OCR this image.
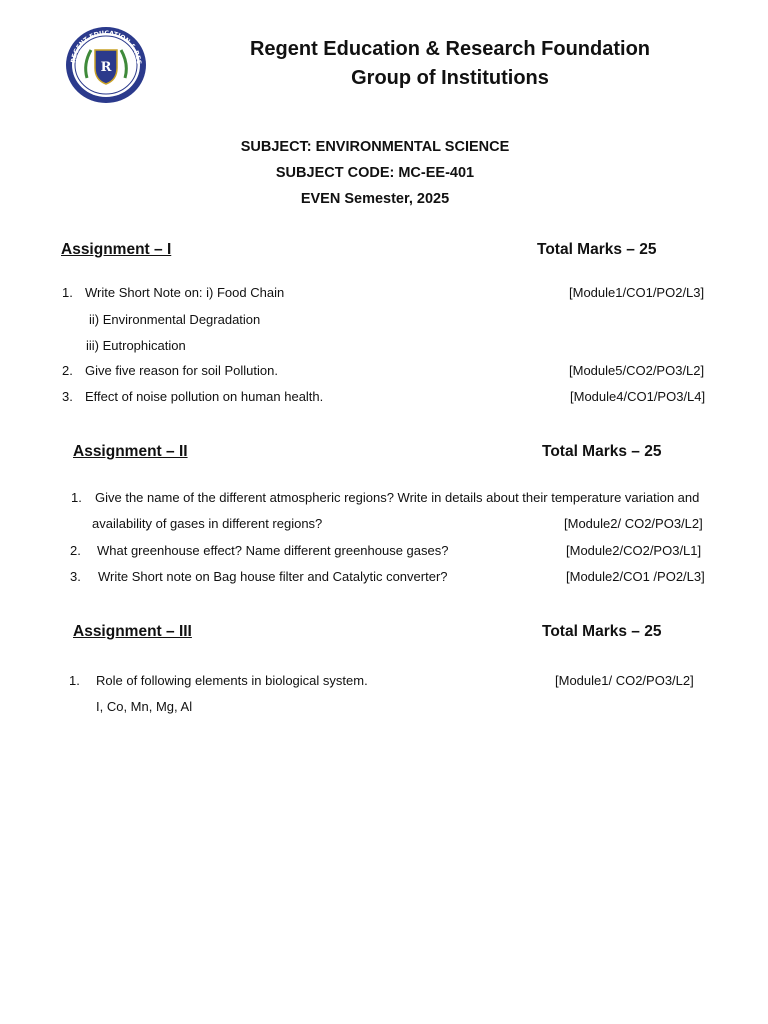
REGENT EDUCATION & RES
R
Regent Education & Research Foundation
Group of Institutions
SUBJECT: ENVIRONMENTAL SCIENCE
SUBJECT CODE: MC-EE-401
EVEN Semester, 2025
Assignment – I	Total Marks – 25
1. Write Short Note on: i) Food Chain	[Module1/CO1/PO2/L3]
ii) Environmental Degradation
iii) Eutrophication
2. Give five reason for soil Pollution.	[Module5/CO2/PO3/L2]
3. Effect of noise pollution on human health.	[Module4/CO1/PO3/L4]
Assignment – II	Total Marks – 25
1. Give the name of the different atmospheric regions? Write in details about their temperature variation and
availability of gases in different regions?	[Module2/ CO2/PO3/L2]
2. What greenhouse effect? Name different greenhouse gases?	[Module2/CO2/PO3/L1]
3. Write Short note on Bag house filter and Catalytic converter?	[Module2/CO1 /PO2/L3]
Assignment – III	Total Marks – 25
1. Role of following elements in biological system.	[Module1/ CO2/PO3/L2]
I, Co, Mn, Mg, Al
